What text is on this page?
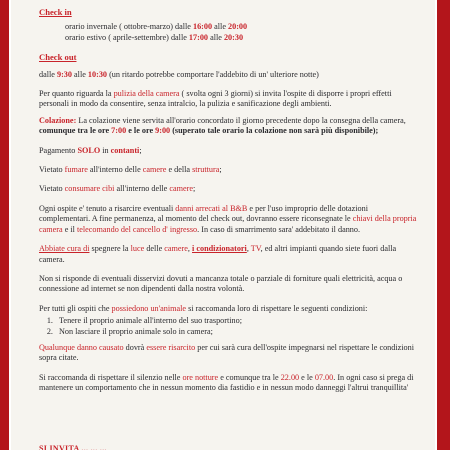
Check in

orario invernale ( ottobre-marzo) dalle 16:00 alle 20:00

orario estivo ( aprile-settembre) dalle 17:00 alle 20:30

Check out

dalle 9:30 alle 10:30 (un ritardo potrebbe comportare l'addebito di un' ulteriore notte)

Per quanto riguarda la pulizia della camera ( svolta ogni 3 giorni) si invita l'ospite di disporre i propri effetti personali in modo da consentire, senza intralcio, la pulizia e sanificazione degli ambienti.

Colazione: La colazione viene servita all'orario concordato il giorno precedente dopo la consegna della camera, comunque tra le ore 7:00 e le ore 9:00 (superato tale orario la colazione non sarà più disponibile);

Pagamento SOLO in contanti;

Vietato fumare all'interno delle camere e della struttura;

Vietato consumare cibi all'interno delle camere;

Ogni ospite e' tenuto a risarcire eventuali danni arrecati al B&B e per l'uso improprio delle dotazioni complementari. A fine permanenza, al momento del check out, dovranno essere riconsegnate le chiavi della propria camera e il telecomando del cancello d' ingresso. In caso di smarrimento sara' addebitato il danno.

Abbiate cura di spegnere la luce delle camere, i condizionatori, TV, ed altri impianti quando siete fuori dalla camera.

Non si risponde di eventuali disservizi dovuti a mancanza totale o parziale di forniture quali elettricità, acqua o connessione ad internet se non dipendenti dalla nostra volontà.

Per tutti gli ospiti che possiedono un'animale si raccomanda loro di rispettare le seguenti condizioni:

1. Tenere il proprio animale all'interno del suo trasportino;
2. Non lasciare il proprio animale solo in camera;

Qualunque danno causato dovrà essere risarcito per cui sarà cura dell'ospite impegnarsi nel rispettare le condizioni sopra citate.

Si raccomanda di rispettare il silenzio nelle ore notture e comunque tra le 22.00 e le 07.00. In ogni caso si prega di mantenere un comportamento che in nessun momento dia fastidio e in nessun modo danneggi l'altrui tranquillita'

SI INVITA ... ... ...
